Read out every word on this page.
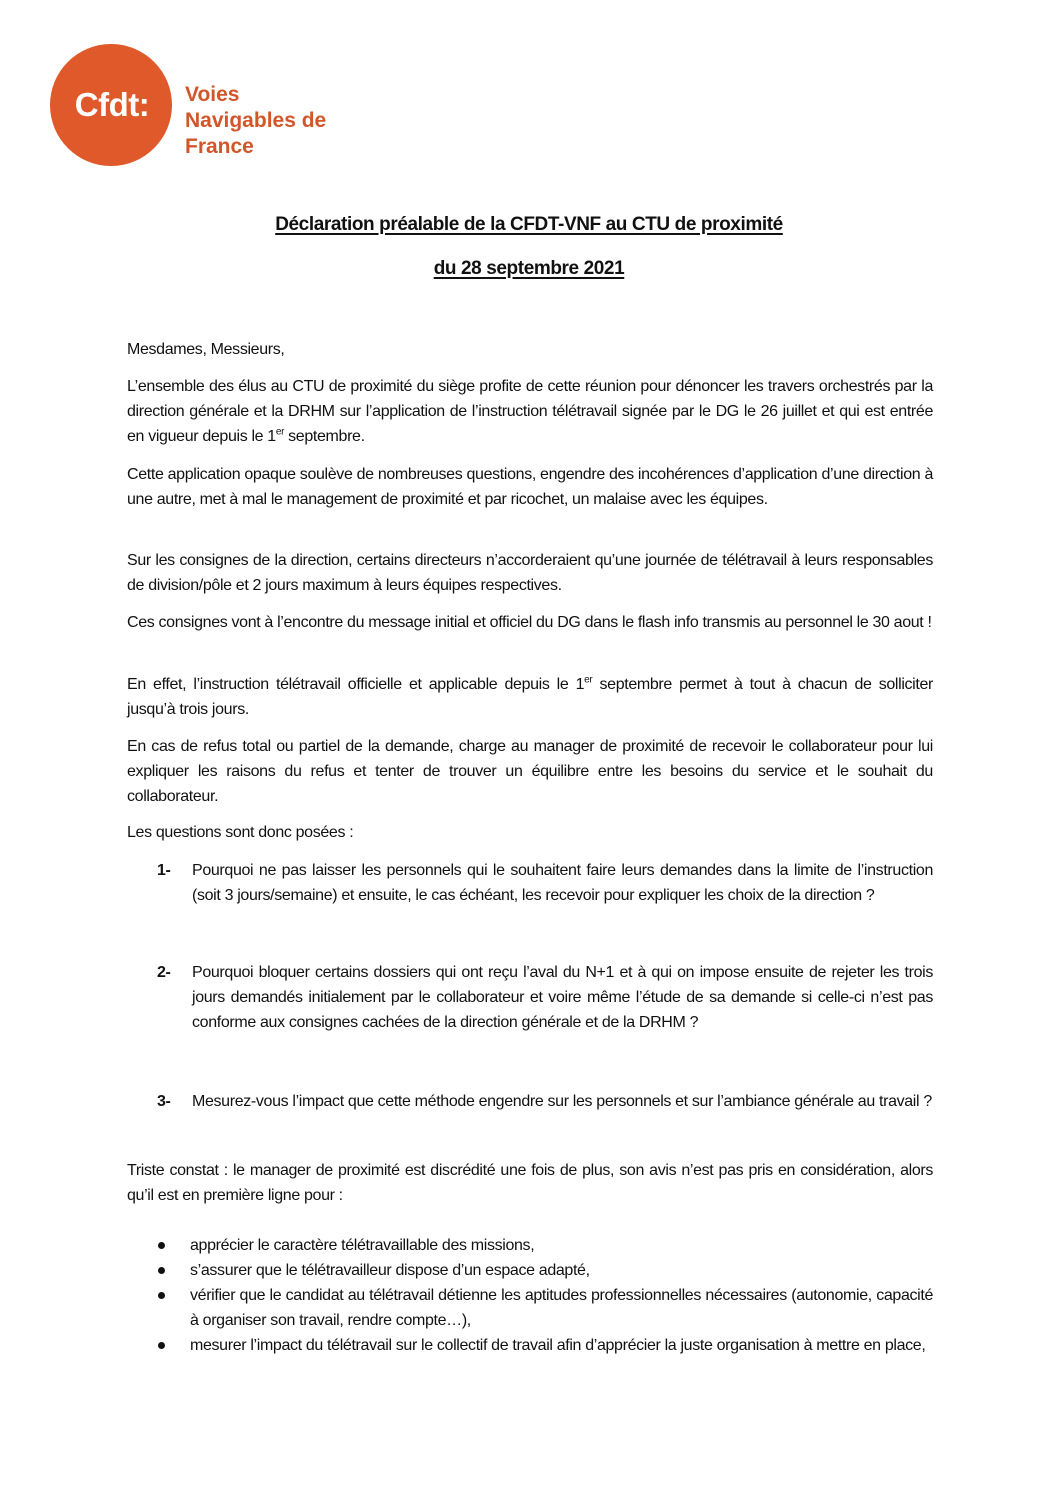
Cfdt: Voies
Navigables de
France
Déclaration préalable de la CFDT-VNF au CTU de proximité
du 28 septembre 2021

Mesdames, Messieurs,

L’ensemble des élus au CTU de proximité du siège profite de cette réunion pour dénoncer les travers orchestrés par la direction générale et la DRHM sur l’application de l’instruction télétravail signée par le DG le 26 juillet et qui est entrée en vigueur depuis le 1er septembre.

Cette application opaque soulève de nombreuses questions, engendre des incohérences d’application d’une direction à une autre, met à mal le management de proximité et par ricochet, un malaise avec les équipes.

Sur les consignes de la direction, certains directeurs n’accorderaient qu’une journée de télétravail à leurs responsables de division/pôle et 2 jours maximum à leurs équipes respectives.

Ces consignes vont à l’encontre du message initial et officiel du DG dans le flash info transmis au personnel le 30 aout !

En effet, l’instruction télétravail officielle et applicable depuis le 1er septembre permet à tout à chacun de solliciter jusqu’à trois jours.

En cas de refus total ou partiel de la demande, charge au manager de proximité de recevoir le collaborateur pour lui expliquer les raisons du refus et tenter de trouver un équilibre entre les besoins du service et le souhait du collaborateur.

Les questions sont donc posées :

1- Pourquoi ne pas laisser les personnels qui le souhaitent faire leurs demandes dans la limite de l’instruction (soit 3 jours/semaine) et ensuite, le cas échéant, les recevoir pour expliquer les choix de la direction ?
2- Pourquoi bloquer certains dossiers qui ont reçu l’aval du N+1 et à qui on impose ensuite de rejeter les trois jours demandés initialement par le collaborateur et voire même l’étude de sa demande si celle-ci n’est pas conforme aux consignes cachées de la direction générale et de la DRHM ?
3- Mesurez-vous l’impact que cette méthode engendre sur les personnels et sur l’ambiance générale au travail ?

Triste constat : le manager de proximité est discrédité une fois de plus, son avis n’est pas pris en considération, alors qu’il est en première ligne pour :

apprécier le caractère télétravaillable des missions,
s’assurer que le télétravailleur dispose d’un espace adapté,
vérifier que le candidat au télétravail détienne les aptitudes professionnelles nécessaires (autonomie, capacité à organiser son travail, rendre compte…),
mesurer l’impact du télétravail sur le collectif de travail afin d’apprécier la juste organisation à mettre en place,
